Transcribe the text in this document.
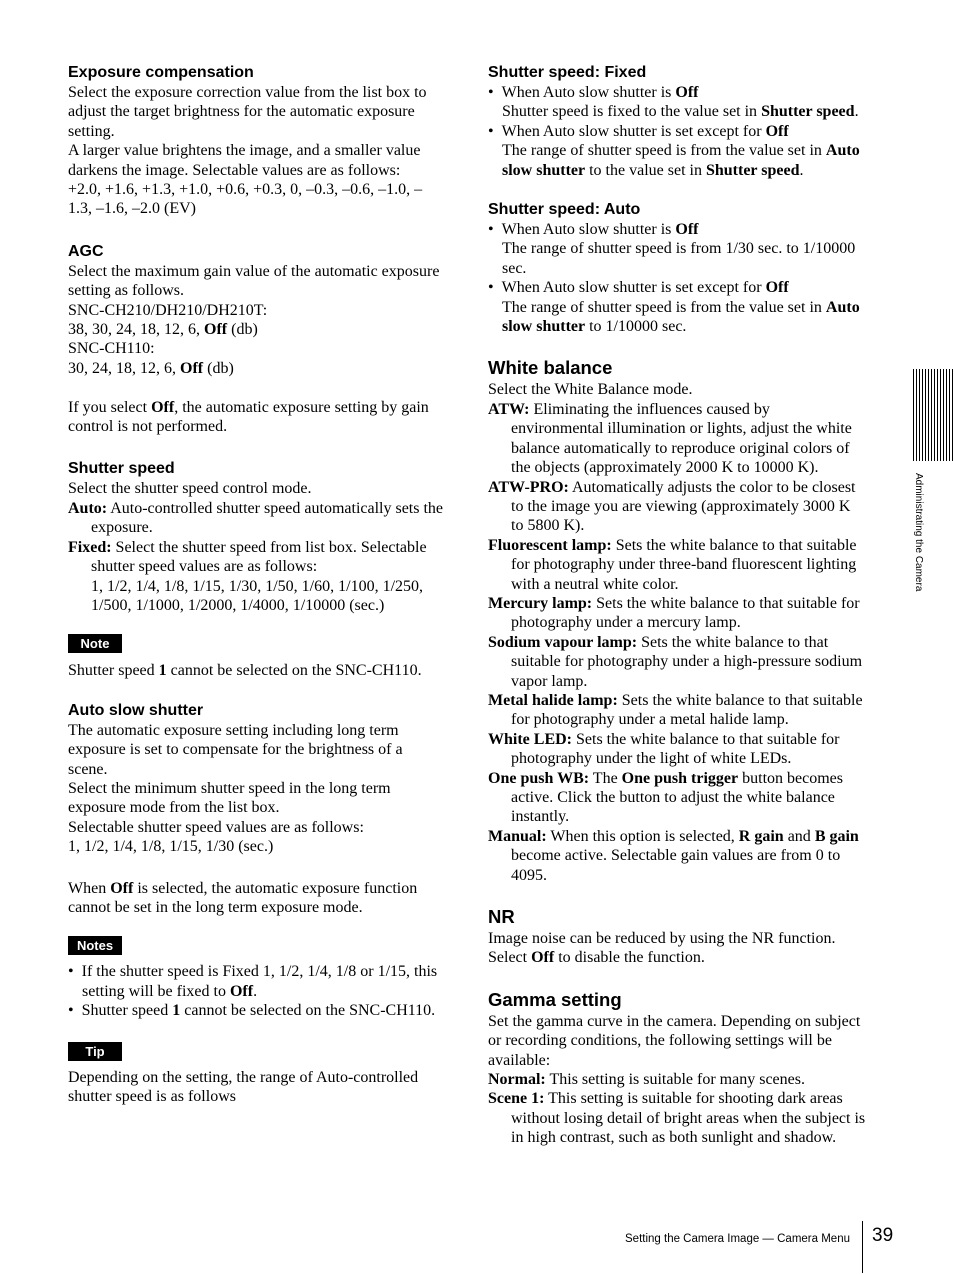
Exposure compensation

Select the exposure correction value from the list box to adjust the target brightness for the automatic exposure setting.

A larger value brightens the image, and a smaller value darkens the image. Selectable values are as follows:

+2.0, +1.6, +1.3, +1.0, +0.6, +0.3, 0, –0.3, –0.6, –1.0, –1.3, –1.6, –2.0 (EV)

AGC

Select the maximum gain value of the automatic exposure setting as follows.

SNC-CH210/DH210/DH210T:

38, 30, 24, 18, 12, 6, Off (db)

SNC-CH110:

30, 24, 18, 12, 6, Off (db)

If you select Off, the automatic exposure setting by gain control is not performed.

Shutter speed

Select the shutter speed control mode.

Auto: Auto-controlled shutter speed automatically sets the exposure.

Fixed: Select the shutter speed from list box. Selectable shutter speed values are as follows:

1, 1/2, 1/4, 1/8, 1/15, 1/30, 1/50, 1/60, 1/100, 1/250, 1/500, 1/1000, 1/2000, 1/4000, 1/10000 (sec.)

Note

Shutter speed 1 cannot be selected on the SNC-CH110.

Auto slow shutter

The automatic exposure setting including long term exposure is set to compensate for the brightness of a scene.

Select the minimum shutter speed in the long term exposure mode from the list box.

Selectable shutter speed values are as follows:

1, 1/2, 1/4, 1/8, 1/15, 1/30 (sec.)

When Off is selected, the automatic exposure function cannot be set in the long term exposure mode.

Notes

•  If the shutter speed is Fixed 1, 1/2, 1/4, 1/8 or 1/15, this setting will be fixed to Off.

•  Shutter speed 1 cannot be selected on the SNC-CH110.

Tip

Depending on the setting, the range of Auto-controlled shutter speed is as follows

Shutter speed: Fixed

•  When Auto slow shutter is Off

Shutter speed is fixed to the value set in Shutter speed.

•  When Auto slow shutter is set except for Off

The range of shutter speed is from the value set in Auto slow shutter to the value set in Shutter speed.

Shutter speed: Auto

•  When Auto slow shutter is Off

The range of shutter speed is from 1/30 sec. to 1/10000 sec.

•  When Auto slow shutter is set except for Off

The range of shutter speed is from the value set in Auto slow shutter to 1/10000 sec.

White balance

Select the White Balance mode.

ATW: Eliminating the influences caused by environmental illumination or lights, adjust the white balance automatically to reproduce original colors of the objects (approximately 2000 K to 10000 K).

ATW-PRO: Automatically adjusts the color to be closest to the image you are viewing (approximately 3000 K to 5800 K).

Fluorescent lamp: Sets the white balance to that suitable for photography under three-band fluorescent lighting with a neutral white color.

Mercury lamp: Sets the white balance to that suitable for photography under a mercury lamp.

Sodium vapour lamp: Sets the white balance to that suitable for photography under a high-pressure sodium vapor lamp.

Metal halide lamp: Sets the white balance to that suitable for photography under a metal halide lamp.

White LED: Sets the white balance to that suitable for photography under the light of white LEDs.

One push WB: The One push trigger button becomes active. Click the button to adjust the white balance instantly.

Manual: When this option is selected, R gain and B gain become active. Selectable gain values are from 0 to 4095.

NR

Image noise can be reduced by using the NR function.

Select Off to disable the function.

Gamma setting

Set the gamma curve in the camera. Depending on subject or recording conditions, the following settings will be available:

Normal: This setting is suitable for many scenes.

Scene 1: This setting is suitable for shooting dark areas without losing detail of bright areas when the subject is in high contrast, such as both sunlight and shadow.

Administrating the Camera
Setting the Camera Image — Camera Menu 39
